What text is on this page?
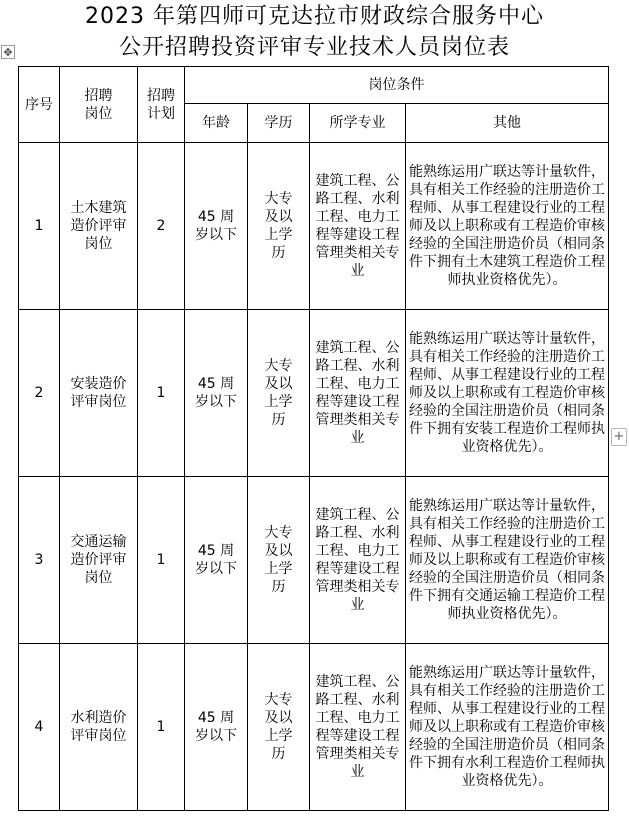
2023 年第四师可克达拉市财政综合服务中心
公开招聘投资评审专业技术人员岗位表
✥
+
序号	招聘岗位	招聘计划	岗位条件			
			年龄	学历	所学专业	其他
1	土木建筑造价评审岗位	2	45 周岁以下	大专及以上学历	建筑工程、公路工程、水利工程、电力工程等建设工程管理类相关专业	能熟练运用广联达等计量软件，具有相关工作经验的注册造价工程师、从事工程建设行业的工程师及以上职称或有工程造价审核经验的全国注册造价员（相同条件下拥有土木建筑工程造价工程师执业资格优先）。
2	安装造价评审岗位	1	45 周岁以下	大专及以上学历	建筑工程、公路工程、水利工程、电力工程等建设工程管理类相关专业	能熟练运用广联达等计量软件，具有相关工作经验的注册造价工程师、从事工程建设行业的工程师及以上职称或有工程造价审核经验的全国注册造价员（相同条件下拥有安装工程造价工程师执业资格优先）。
3	交通运输造价评审岗位	1	45 周岁以下	大专及以上学历	建筑工程、公路工程、水利工程、电力工程等建设工程管理类相关专业	能熟练运用广联达等计量软件，具有相关工作经验的注册造价工程师、从事工程建设行业的工程师及以上职称或有工程造价审核经验的全国注册造价员（相同条件下拥有交通运输工程造价工程师执业资格优先）。
4	水利造价评审岗位	1	45 周岁以下	大专及以上学历	建筑工程、公路工程、水利工程、电力工程等建设工程管理类相关专业	能熟练运用广联达等计量软件，具有相关工作经验的注册造价工程师、从事工程建设行业的工程师及以上职称或有工程造价审核经验的全国注册造价员（相同条件下拥有水利工程造价工程师执业资格优先）。
